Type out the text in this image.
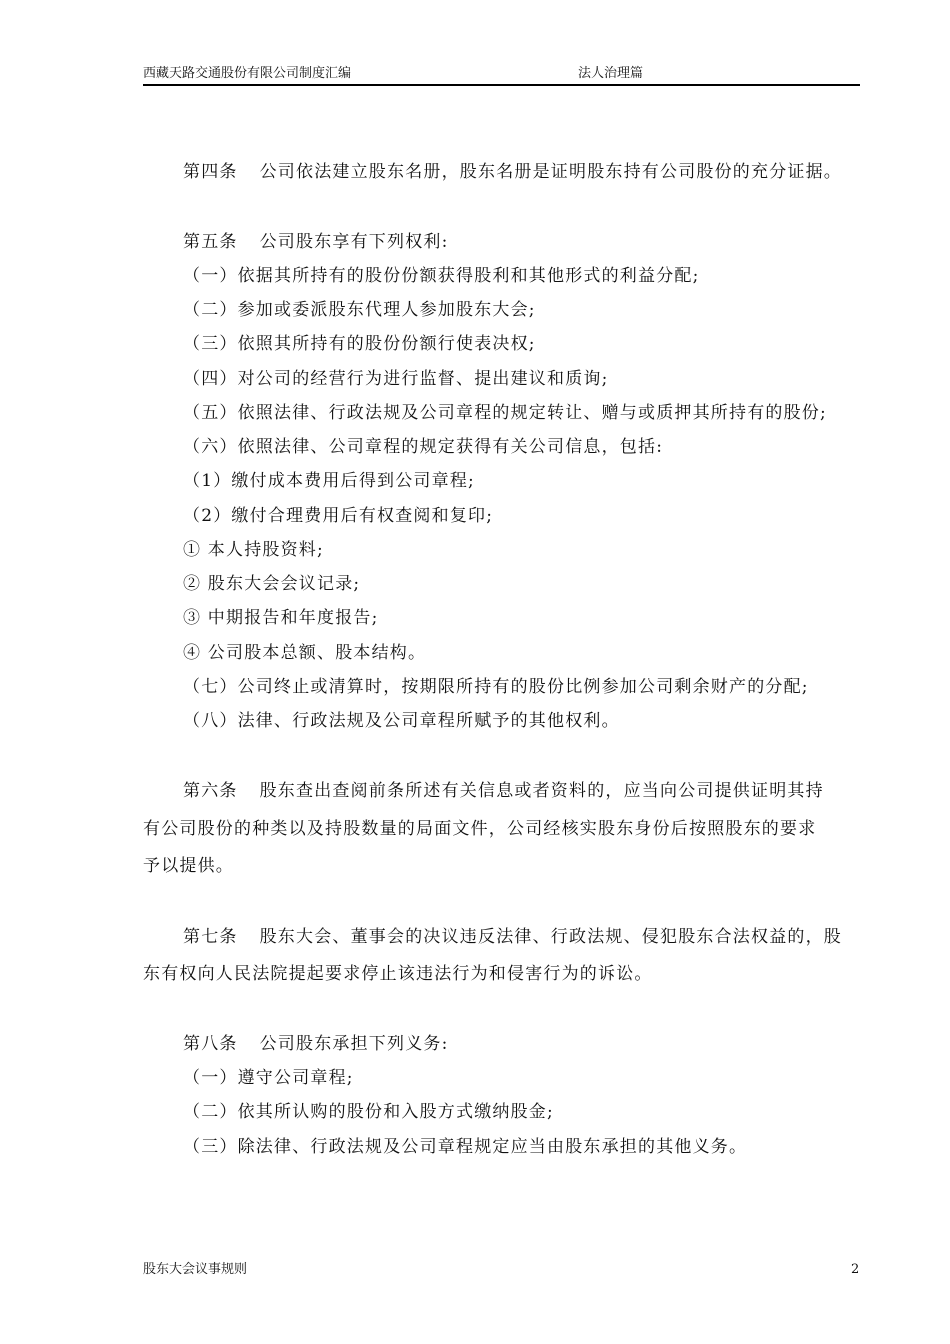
西藏天路交通股份有限公司制度汇编	法人治理篇
第四条 公司依法建立股东名册，股东名册是证明股东持有公司股份的充分证据。
第五条 公司股东享有下列权利:
（一）依据其所持有的股份份额获得股利和其他形式的利益分配;
（二）参加或委派股东代理人参加股东大会;
（三）依照其所持有的股份份额行使表决权;
（四）对公司的经营行为进行监督、提出建议和质询;
（五）依照法律、行政法规及公司章程的规定转让、赠与或质押其所持有的股份;
（六）依照法律、公司章程的规定获得有关公司信息，包括:
（1）缴付成本费用后得到公司章程;
（2）缴付合理费用后有权查阅和复印;
① 本人持股资料;
② 股东大会会议记录;
③ 中期报告和年度报告;
④ 公司股本总额、股本结构。
（七）公司终止或清算时，按期限所持有的股份比例参加公司剩余财产的分配;
（八）法律、行政法规及公司章程所赋予的其他权利。
第六条 股东查出查阅前条所述有关信息或者资料的，应当向公司提供证明其持
有公司股份的种类以及持股数量的局面文件，公司经核实股东身份后按照股东的要求
予以提供。
第七条 股东大会、董事会的决议违反法律、行政法规、侵犯股东合法权益的，股
东有权向人民法院提起要求停止该违法行为和侵害行为的诉讼。
第八条 公司股东承担下列义务:
（一）遵守公司章程;
（二）依其所认购的股份和入股方式缴纳股金;
（三）除法律、行政法规及公司章程规定应当由股东承担的其他义务。
股东大会议事规则	2
